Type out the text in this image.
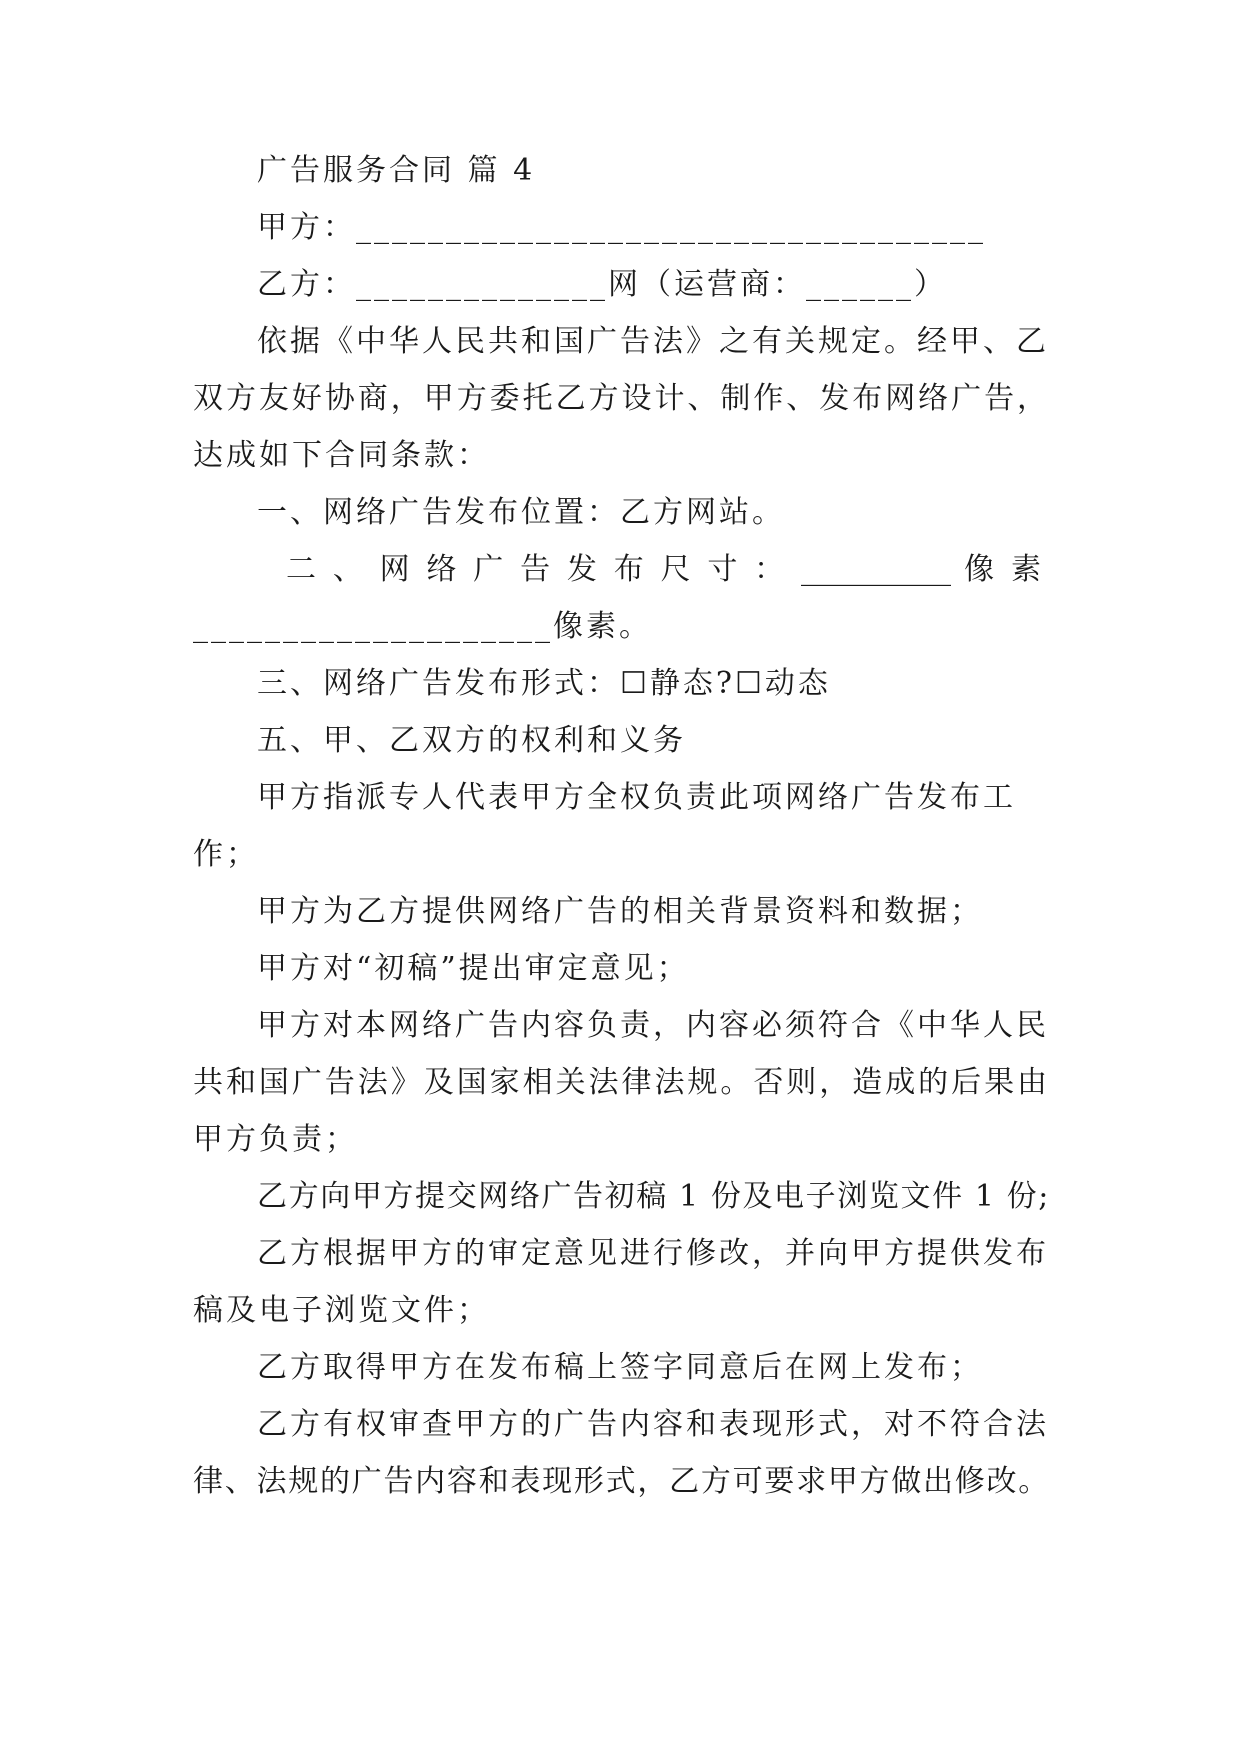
广告服务合同 篇 4
甲方：___________________________________
乙方：______________网（运营商：______）
依据《中华人民共和国广告法》之有关规定。经甲、乙
双方友好协商，甲方委托乙方设计、制作、发布网络广告，
达成如下合同条款：
一、网络广告发布位置：乙方网站。
二 、 网 络 广 告 发 布 尺 寸 ： __________ 像 素
____________________像素。
三、网络广告发布形式：☐静态?☐动态
五、甲、乙双方的权利和义务
甲方指派专人代表甲方全权负责此项网络广告发布工
作；
甲方为乙方提供网络广告的相关背景资料和数据；
甲方对“初稿”提出审定意见；
甲方对本网络广告内容负责，内容必须符合《中华人民
共和国广告法》及国家相关法律法规。否则，造成的后果由
甲方负责；
乙方向甲方提交网络广告初稿 1 份及电子浏览文件 1 份;
乙方根据甲方的审定意见进行修改，并向甲方提供发布
稿及电子浏览文件；
乙方取得甲方在发布稿上签字同意后在网上发布；
乙方有权审查甲方的广告内容和表现形式，对不符合法
律、法规的广告内容和表现形式，乙方可要求甲方做出修改。
